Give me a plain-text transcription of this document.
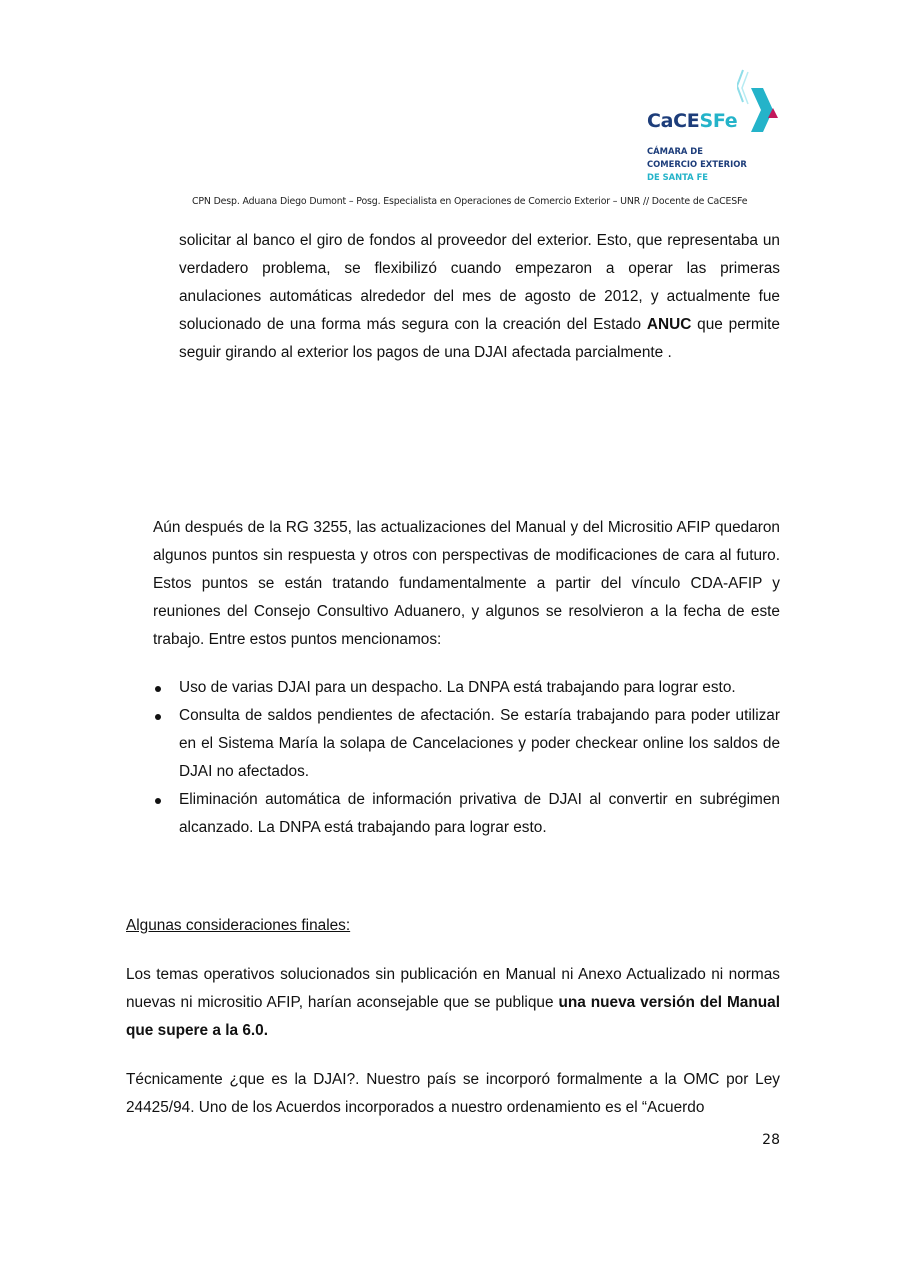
CaCESFe
CÁMARA DE
COMERCIO EXTERIOR
DE SANTA FE
CPN Desp. Aduana Diego Dumont – Posg. Especialista en Operaciones de Comercio Exterior – UNR // Docente de CaCESFe

solicitar al banco el giro de fondos al proveedor del exterior. Esto, que representaba un verdadero problema, se flexibilizó cuando empezaron a operar las primeras anulaciones automáticas alrededor del mes de agosto de 2012, y actualmente fue solucionado de una forma más segura con la creación del Estado ANUC que permite seguir girando al exterior los pagos de una DJAI afectada parcialmente .

Aún después de la RG 3255, las actualizaciones del Manual y del Micrositio AFIP quedaron algunos puntos sin respuesta y otros con perspectivas de modificaciones de cara al futuro. Estos puntos se están tratando fundamentalmente a partir del vínculo CDA-AFIP y reuniones del Consejo Consultivo Aduanero, y algunos se resolvieron a la fecha de este trabajo. Entre estos puntos mencionamos:

Uso de varias DJAI para un despacho. La DNPA está trabajando para lograr esto.
Consulta de saldos pendientes de afectación. Se estaría trabajando para poder utilizar en el Sistema María la solapa de Cancelaciones y poder checkear online los saldos de DJAI no afectados.
Eliminación automática de información privativa de DJAI al convertir en subrégimen alcanzado. La DNPA está trabajando para lograr esto.
Algunas consideraciones finales:

Los temas operativos solucionados sin publicación en Manual ni Anexo Actualizado ni normas nuevas ni micrositio AFIP, harían aconsejable que se publique una nueva versión del Manual que supere a la 6.0.

Técnicamente ¿que es la DJAI?. Nuestro país se incorporó formalmente a la OMC por Ley 24425/94. Uno de los Acuerdos incorporados a nuestro ordenamiento es el “Acuerdo

28
